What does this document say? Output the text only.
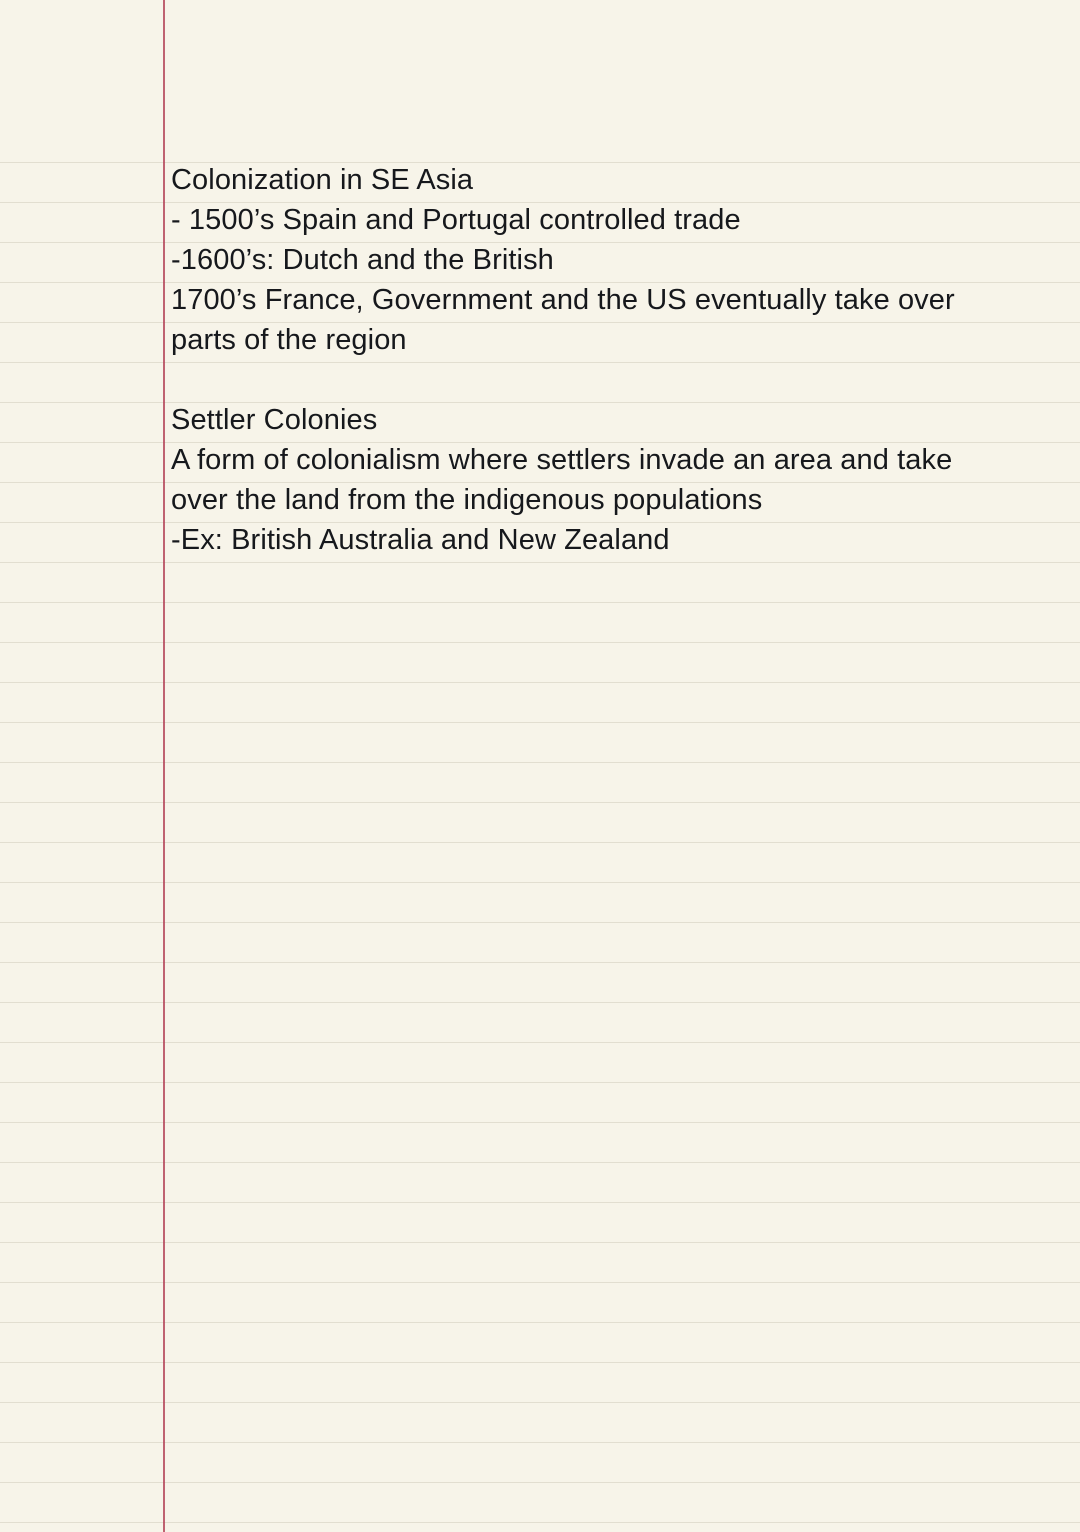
Colonization in SE Asia
- 1500’s Spain and Portugal controlled trade
-1600’s: Dutch and the British
1700’s France, Government and the US eventually take over
parts of the region
Settler Colonies
A form of colonialism where settlers invade an area and take
over the land from the indigenous populations
-Ex: British Australia and New Zealand
